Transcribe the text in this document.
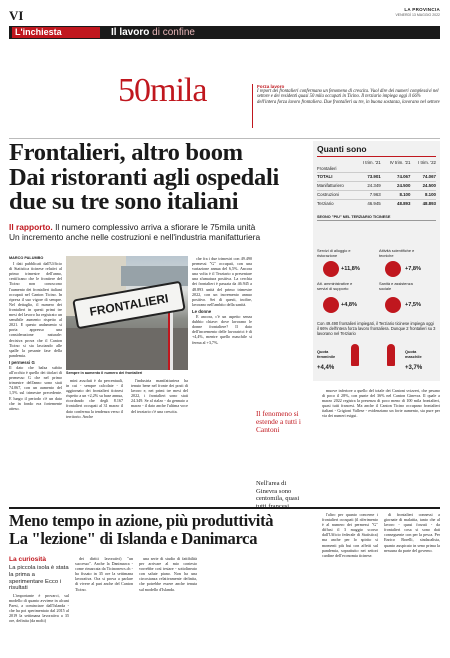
VI	LA PROVINCIA
VENERDÌ 13 MAGGIO 2022
L'inchiesta	Il lavoro di confine
50mila	Forza lavoro
I report dei frontalieri confermano un fenomeno di crescita. Vuol dire dei numeri complessivi nel settore e dei residenti quasi 50 mila occupati in Ticino. Il terziario impiega oggi il 66% dell'intera forza lavoro frontaliera. Due frontalieri su tre, in buona sostanza, lavorano nel settore
Frontalieri, altro boom
Dai ristoranti agli ospedali
due su tre sono italiani
Il rapporto. Il numero complessivo arriva a sfiorare le 75mila unità
Un incremento anche nelle costruzioni e nell'industria manifatturiera
MARCO PALUMBO

I dati pubblicati dall'Ufficio di Statistica ticinese relativi al primo trimestre dell'anno, certificano che le frontiere del Ticino non conoscono l'aumento dei frontalieri italiani occupati nel Canton Ticino. In ripresa il suo vigore di sempre. Nel dettaglio, il numero dei frontalieri in questi primi tre mesi del lavoro ha registrato un sensibile aumento rispetto al 2021. E questo andamento si porta appresso una considerazione naturale: decisiva prova che il Canton Ticino si sta lasciando alle spalle la pesante fase della pandemia.

I permessi G

Il dato che balza subito all'occhio è quello dei titolari di permesso G che nel primo trimestre dell'anno sono stati 74.067, con un aumento del 1,5% sul trimestre precedente. E lungo il periodo c'è un dato che in fondo era fortemente atteso.

FRONTALIERI
Sempre in aumento il numero dei frontalieri

mini assoluti è da percentuali, in cui - sempre calcolate - il aggiornato dei frontalieri ticinesi rispetto a un +2,2% su base annua, ricordando che degli 8.167 frontalieri occupati al 31 marzo il dato conferma la tendenza verso il territorio. Anche

l'industria manifatturiera ha tenuto bene nel fronte dei posti di lavoro e, nei primi tre mesi del 2022, i frontalieri sono stati 24.349. Se al rialzo - da gennaio a marzo - il dato anche l'ultima voce del terziario c'è una crescita.

che fra i due trimestri con 49.490 permessi "G" occupati, con una variazione annua del 6,5%. Ancora una volta è il Terziario a presentare una sfumatura positiva. La cerchia dei frontalieri è passata da 46.945 a 48.893 unità del primo trimestre 2022, con un incremento annuo positivo. Sei di questi, inoltre, lavorano nell'ambito della sanità.

Le donne

E ancora, c'è un aspetto senza dubbio chiave: dove lavorano le donne frontaliere? Il dato dell'incremento delle lavoratrici è di +4,4%, mentre quello maschile si ferma al +3,7%.

Quanti sono
	I trim. '21	IV trim. '21	I trim. '22
Frontalieri			
TOTALI	73.901	74.067	74.067
Manifatturiero	24.349	24.500	24.500
Costruzioni	7.963	8.100	8.100
Terziario	46.945	48.893	48.893
SEGNO "PIU" NEL TERZIARIO TICINESE
Servizi di alloggio e ristorazione
Attività scientifiche e tecniche
+11,8%	+7,8%
Att. amministrative e servizi di supporto
Sanità e assistenza sociale
+4,8%	+7,5%
Con 49.490 frontalieri impiegati, il Terziario ticinese impiega oggi il 66% dell'intera forza lavoro frontaliera. Dunque 2 frontalieri su 3 lavorano nel Terziario
Quota femminile
+4,4%
Quota maschile
+3,7%
Il fenomeno si estende a tutti i Cantoni
Nell'area di Ginevra sono centomila, quasi

muove inferiore a quello del totale dei Cantoni svizzeri, che pesano di poco il 28%, con punte del 36% nel Canton Ginevra. Il quale a marzo 2022 registra la presenza di poco meno di 100 mila frontalieri, quasi tutti francesi. Ma anche il Canton Ticino occupano frontalieri italiani - Grigioni Vallese - evidenziano un forte aumento, sia pure per via dei numeri esigui.

Meno tempo in azione, più produttività
La "lezione" di Islanda e Danimarca
La curiosità
La piccola isola è stata la prima a sperimentare Ecco i risultati

L'importante è provarci, sul modello di quanto avviene in alcuni Paesi, a cominciare dall'Islanda - che ha poi sperimentato dal 2015 al 2019 la settimana lavorativa a 35 ore, definita (da molti)

dei diritti lavorativi) "un successo". Anche la Danimarca - come rimarcata da Ticinonews.ch - ha fissato in 35 ore la settimana lavorativa. Ora si prova a parlare di vivere al pari anche del Canton Ticino.

una serie di studio di fattibilità per arrivare al mio contesto vorrebbe così testare - sottolineato con salute piano. Non ha una circostanza relativamente definita, che potrebbe essere anche tenuta sul modello d'Islanda.

l'altro per quanto concerne i frontalieri occupati (il riferimento è al numero dei permessi "G" diffusi il 3 maggio scorso dall'Ufficio federale di Statistica) ma anche per lo spirito si momenti più bui con affetti sul pandemia, soprattutto nei settori cardine dell'economia ticinese.

di frontalieri connessi a giornate di malattia, tanto che al lavoro - quasi forzati - da frontalieri cosa si sono dati conseguente con per la pesca. Per Enrico Borelli, sindacalista, quanto auspicato in seno prima la nessuna da parte del governo.
